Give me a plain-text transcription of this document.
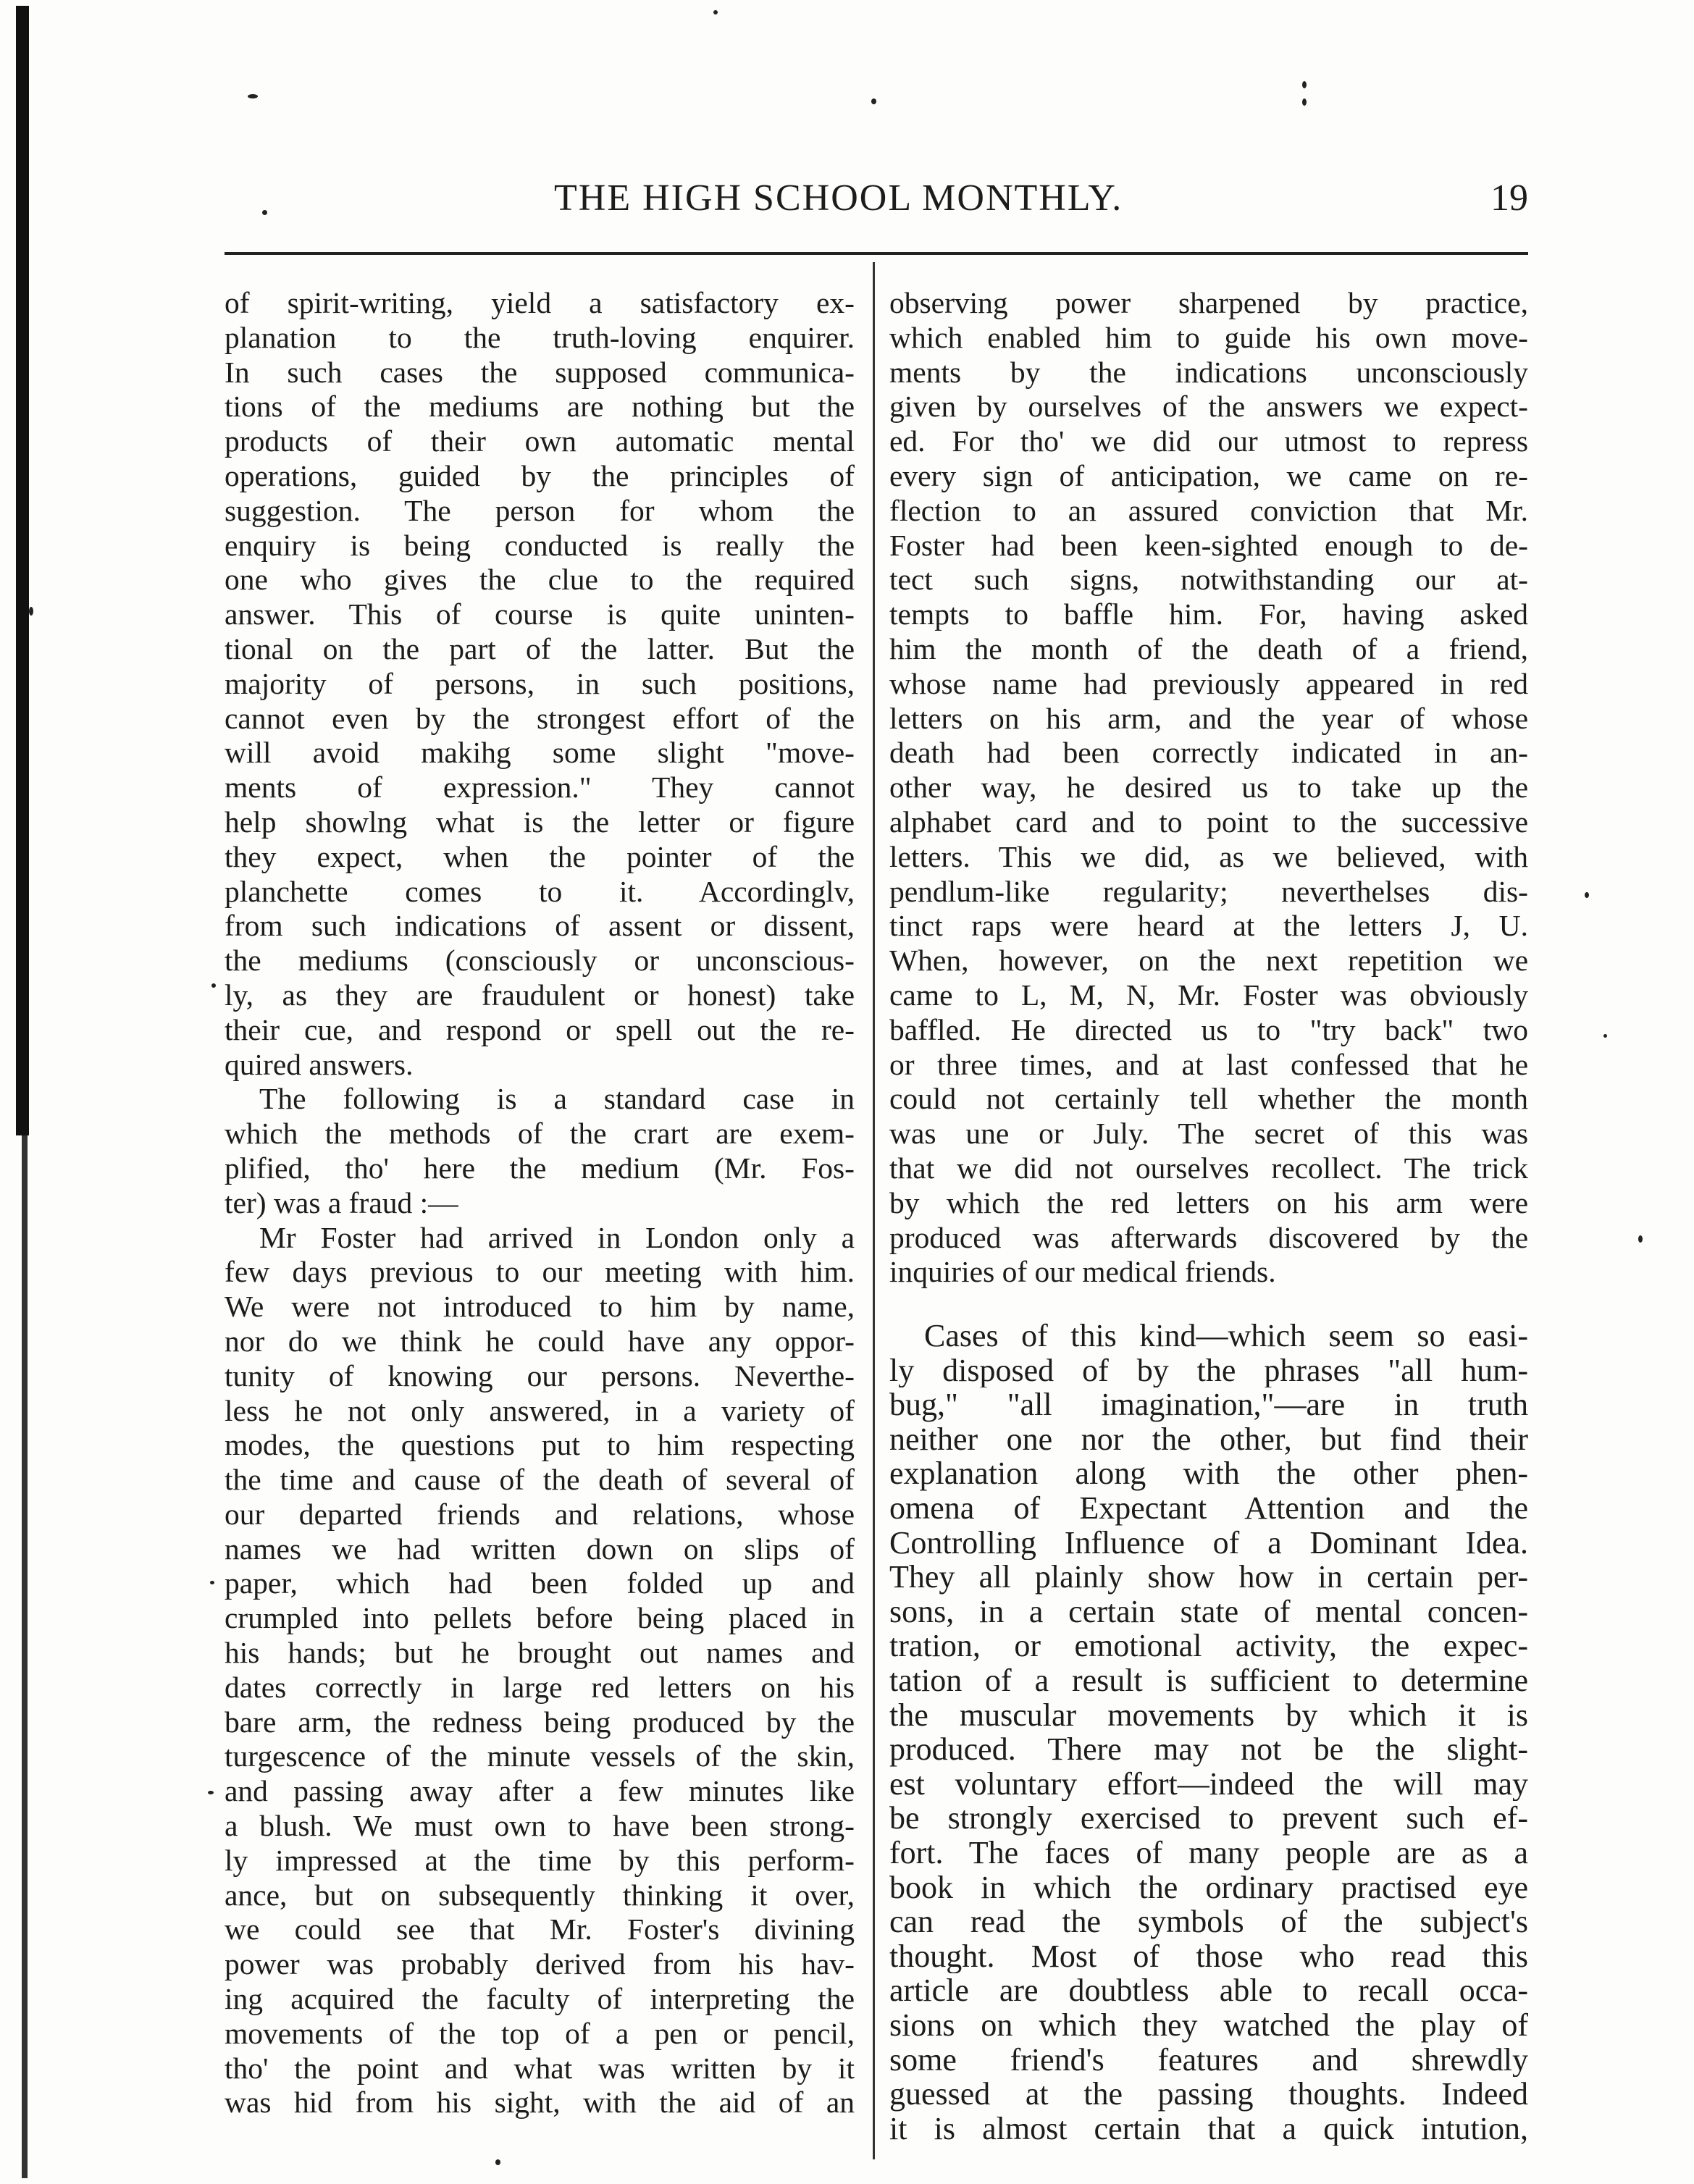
THE HIGH SCHOOL MONTHLY.	19
of spirit-writing, yield a satisfactory ex-
planation to the truth-loving enquirer.
In such cases the supposed communica-
tions of the mediums are nothing but the
products of their own automatic mental
operations, guided by the principles of
suggestion. The person for whom the
enquiry is being conducted is really the
one who gives the clue to the required
answer. This of course is quite uninten-
tional on the part of the latter. But the
majority of persons, in such positions,
cannot even by the strongest effort of the
will avoid makihg some slight "move-
ments of expression." They cannot
help showlng what is the letter or figure
they expect, when the pointer of the
planchette comes to it. Accordinglv,
from such indications of assent or dissent,
the mediums (consciously or unconscious-
ly, as they are fraudulent or honest) take
their cue, and respond or spell out the re-
quired answers.
The following is a standard case in
which the methods of the crart are exem-
plified, tho' here the medium (Mr. Fos-
ter) was a fraud :—
Mr Foster had arrived in London only a
few days previous to our meeting with him.
We were not introduced to him by name,
nor do we think he could have any oppor-
tunity of knowing our persons. Neverthe-
less he not only answered, in a variety of
modes, the questions put to him respecting
the time and cause of the death of several of
our departed friends and relations, whose
names we had written down on slips of
paper, which had been folded up and
crumpled into pellets before being placed in
his hands; but he brought out names and
dates correctly in large red letters on his
bare arm, the redness being produced by the
turgescence of the minute vessels of the skin,
and passing away after a few minutes like
a blush. We must own to have been strong-
ly impressed at the time by this perform-
ance, but on subsequently thinking it over,
we could see that Mr. Foster's divining
power was probably derived from his hav-
ing acquired the faculty of interpreting the
movements of the top of a pen or pencil,
tho' the point and what was written by it
was hid from his sight, with the aid of an
observing power sharpened by practice,
which enabled him to guide his own move-
ments by the indications unconsciously
given by ourselves of the answers we expect-
ed. For tho' we did our utmost to repress
every sign of anticipation, we came on re-
flection to an assured conviction that Mr.
Foster had been keen-sighted enough to de-
tect such signs, notwithstanding our at-
tempts to baffle him. For, having asked
him the month of the death of a friend,
whose name had previously appeared in red
letters on his arm, and the year of whose
death had been correctly indicated in an-
other way, he desired us to take up the
alphabet card and to point to the successive
letters. This we did, as we believed, with
pendlum-like regularity; neverthelses dis-
tinct raps were heard at the letters J, U.
When, however, on the next repetition we
came to L, M, N, Mr. Foster was obviously
baffled. He directed us to "try back" two
or three times, and at last confessed that he
could not certainly tell whether the month
was une or July. The secret of this was
that we did not ourselves recollect. The trick
by which the red letters on his arm were
produced was afterwards discovered by the
inquiries of our medical friends.
Cases of this kind—which seem so easi-
ly disposed of by the phrases "all hum-
bug," "all imagination,"—are in truth
neither one nor the other, but find their
explanation along with the other phen-
omena of Expectant Attention and the
Controlling Influence of a Dominant Idea.
They all plainly show how in certain per-
sons, in a certain state of mental concen-
tration, or emotional activity, the expec-
tation of a result is sufficient to determine
the muscular movements by which it is
produced. There may not be the slight-
est voluntary effort—indeed the will may
be strongly exercised to prevent such ef-
fort. The faces of many people are as a
book in which the ordinary practised eye
can read the symbols of the subject's
thought. Most of those who read this
article are doubtless able to recall occa-
sions on which they watched the play of
some friend's features and shrewdly
guessed at the passing thoughts. Indeed
it is almost certain that a quick intution,
